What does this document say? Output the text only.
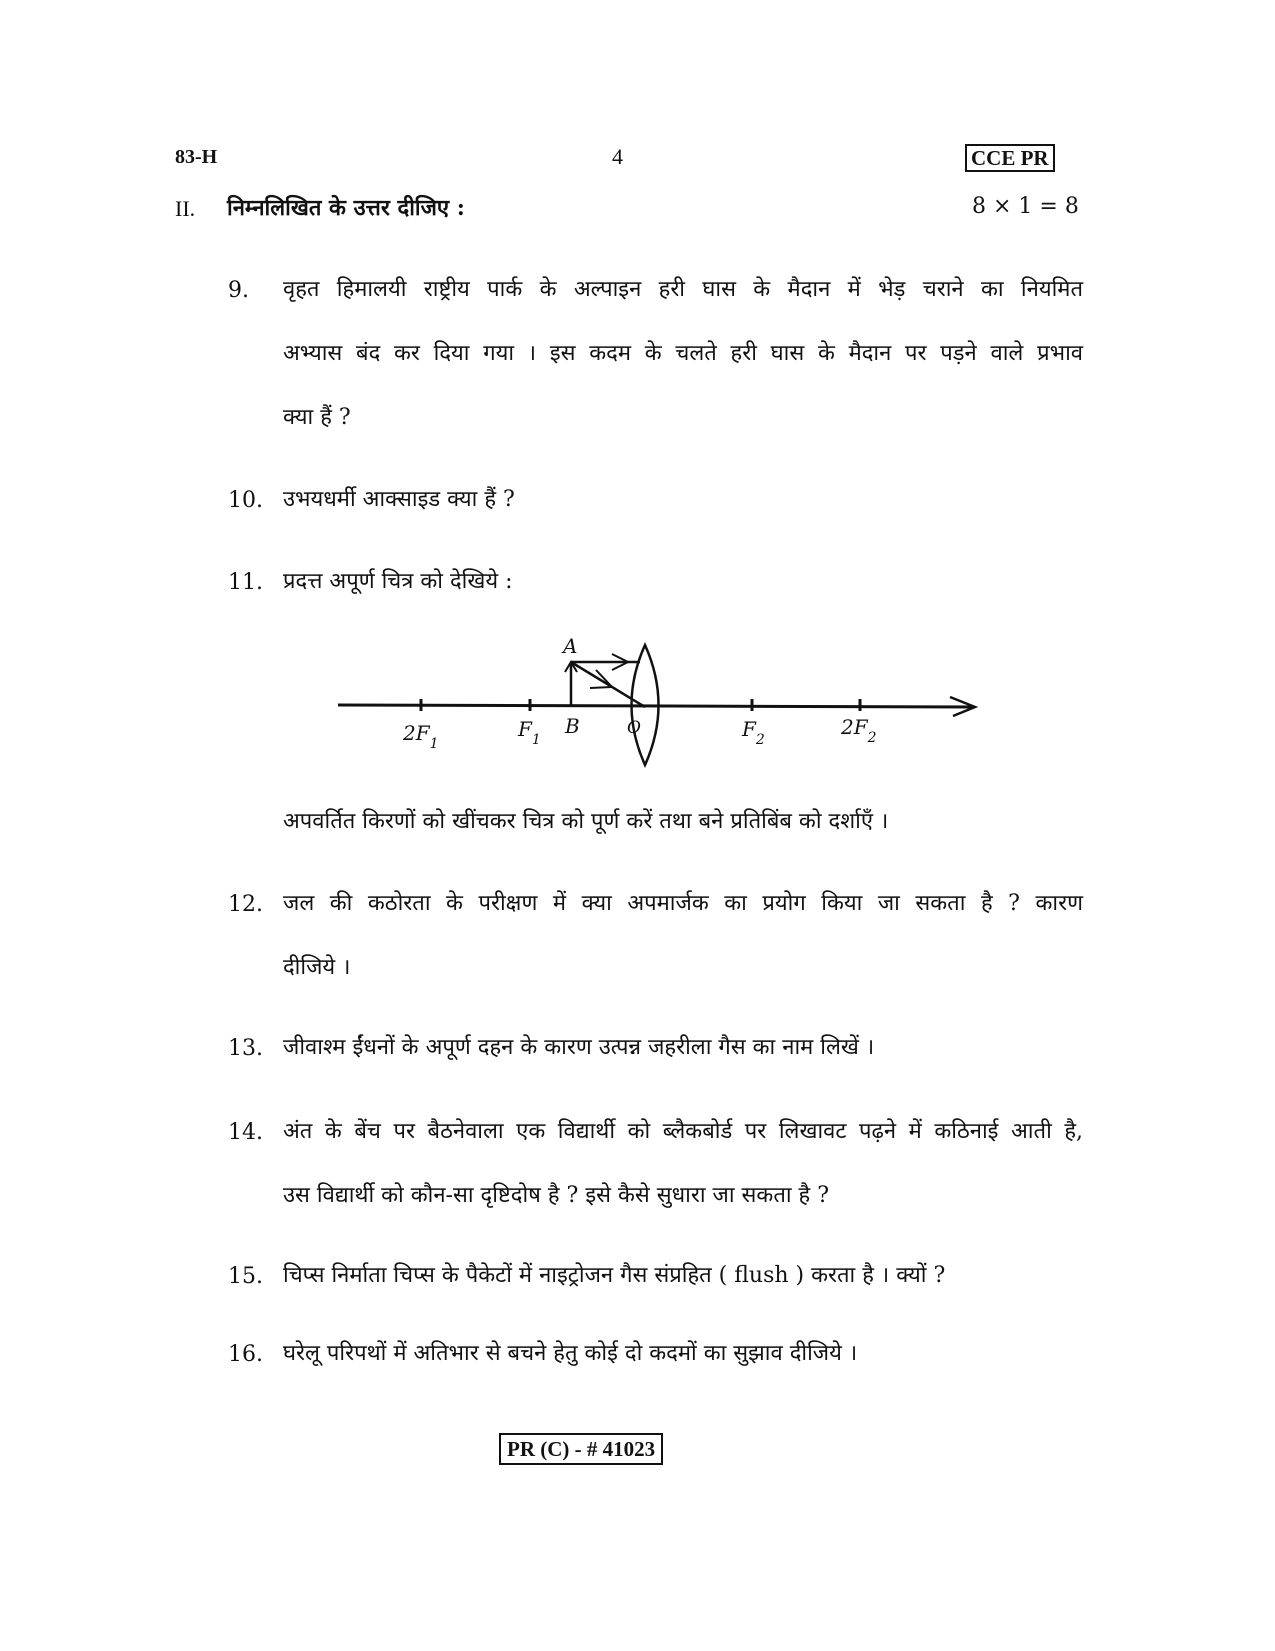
83-H	4	CCE PR
II. निम्नलिखित के उत्तर दीजिए :	8 × 1 = 8
9. वृहत हिमालयी राष्ट्रीय पार्क के अल्पाइन हरी घास के मैदान में भेड़ चराने का नियमित
अभ्यास बंद कर दिया गया । इस कदम के चलते हरी घास के मैदान पर पड़ने वाले प्रभाव
क्या हैं ?
10. उभयधर्मी आक्साइड क्या हैं ?
11. प्रदत्त अपूर्ण चित्र को देखिये :
A
B	O
$2F_1$
$F_1$	$F_2$
$2F_2$
अपवर्तित किरणों को खींचकर चित्र को पूर्ण करें तथा बने प्रतिबिंब को दर्शाएँ ।
12. जल की कठोरता के परीक्षण में क्या अपमार्जक का प्रयोग किया जा सकता है ? कारण
दीजिये ।
13. जीवाश्म ईंधनों के अपूर्ण दहन के कारण उत्पन्न जहरीला गैस का नाम लिखें ।
14. अंत के बेंच पर बैठनेवाला एक विद्यार्थी को ब्लैकबोर्ड पर लिखावट पढ़ने में कठिनाई आती है,
उस विद्यार्थी को कौन-सा दृष्टिदोष है ? इसे कैसे सुधारा जा सकता है ?
15. चिप्स निर्माता चिप्स के पैकेटों में नाइट्रोजन गैस संप्रहित ( flush ) करता है । क्यों ?
16. घरेलू परिपथों में अतिभार से बचने हेतु कोई दो कदमों का सुझाव दीजिये ।
PR (C) - # 41023
